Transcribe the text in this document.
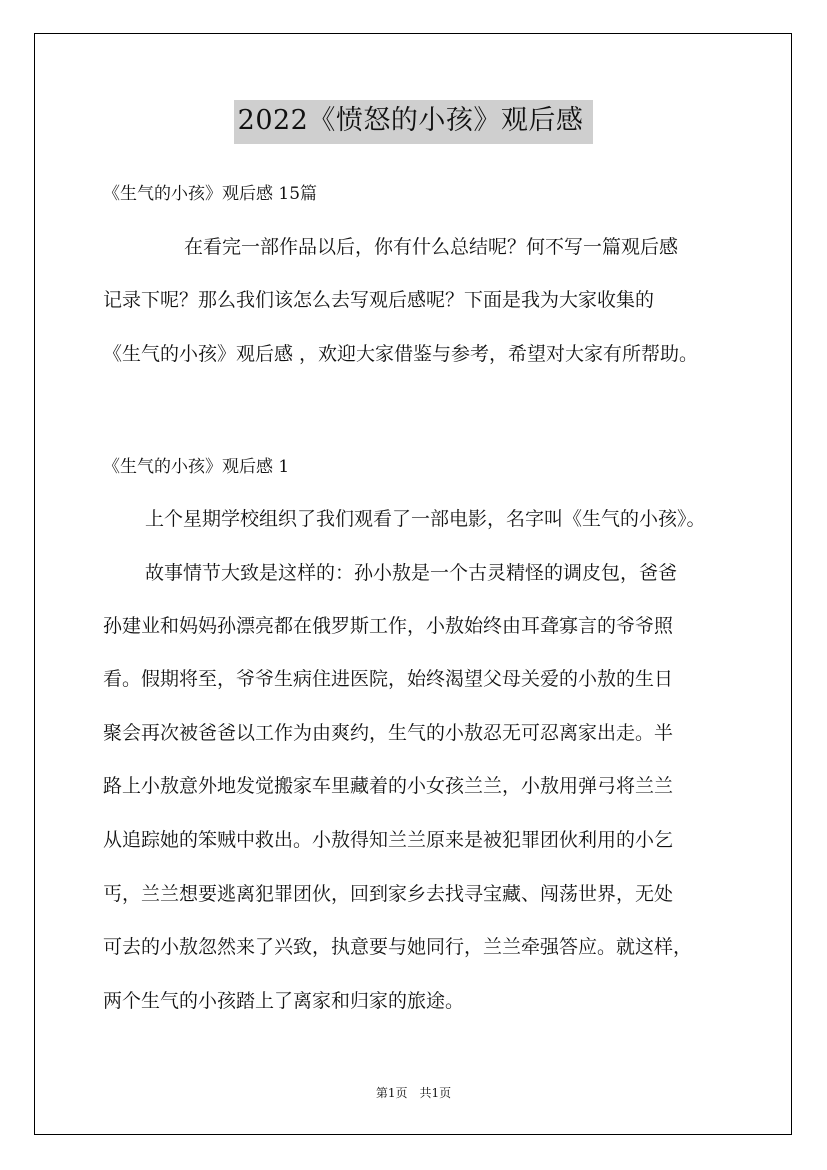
2022《愤怒的小孩》观后感
《生气的小孩》观后感 15篇
在看完一部作品以后，你有什么总结呢？何不写一篇观后感
记录下呢？那么我们该怎么去写观后感呢？下面是我为大家收集的
《生气的小孩》观后感 ，欢迎大家借鉴与参考，希望对大家有所帮助。
《生气的小孩》观后感 1
上个星期学校组织了我们观看了一部电影，名字叫《生气的小孩》。
故事情节大致是这样的：孙小敖是一个古灵精怪的调皮包，爸爸
孙建业和妈妈孙漂亮都在俄罗斯工作，小敖始终由耳聋寡言的爷爷照
看。假期将至，爷爷生病住进医院，始终渴望父母关爱的小敖的生日
聚会再次被爸爸以工作为由爽约，生气的小敖忍无可忍离家出走。半
路上小敖意外地发觉搬家车里藏着的小女孩兰兰，小敖用弹弓将兰兰
从追踪她的笨贼中救出。小敖得知兰兰原来是被犯罪团伙利用的小乞
丐，兰兰想要逃离犯罪团伙，回到家乡去找寻宝藏、闯荡世界，无处
可去的小敖忽然来了兴致，执意要与她同行，兰兰牵强答应。就这样，
两个生气的小孩踏上了离家和归家的旅途。
第1页　共1页
